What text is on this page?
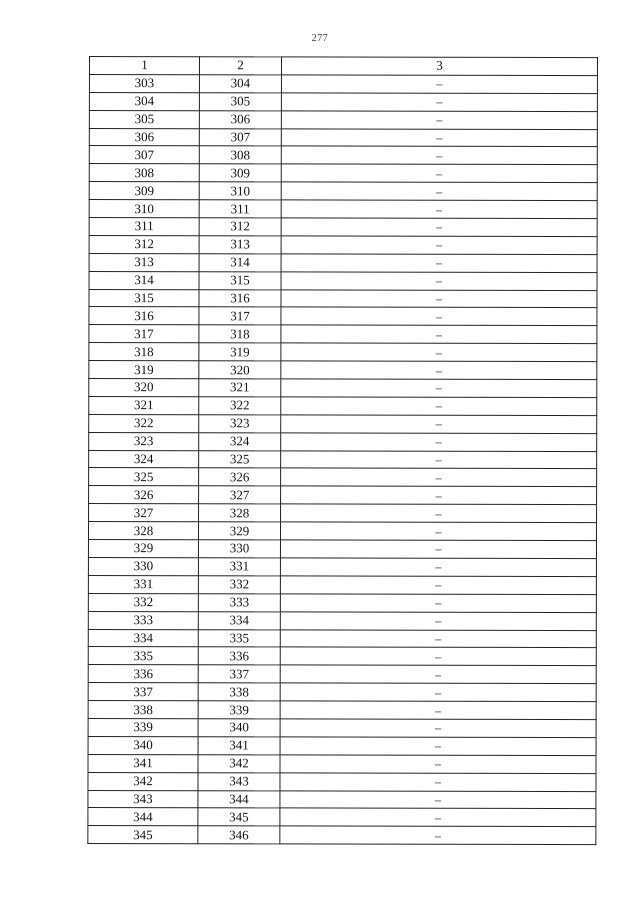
277
1	2	3
303	304	–
304	305	–
305	306	–
306	307	–
307	308	–
308	309	–
309	310	–
310	311	–
311	312	–
312	313	–
313	314	–
314	315	–
315	316	–
316	317	–
317	318	–
318	319	–
319	320	–
320	321	–
321	322	–
322	323	–
323	324	–
324	325	–
325	326	–
326	327	–
327	328	–
328	329	–
329	330	–
330	331	–
331	332	–
332	333	–
333	334	–
334	335	–
335	336	–
336	337	–
337	338	–
338	339	–
339	340	–
340	341	–
341	342	–
342	343	–
343	344	–
344	345	–
345	346	–
